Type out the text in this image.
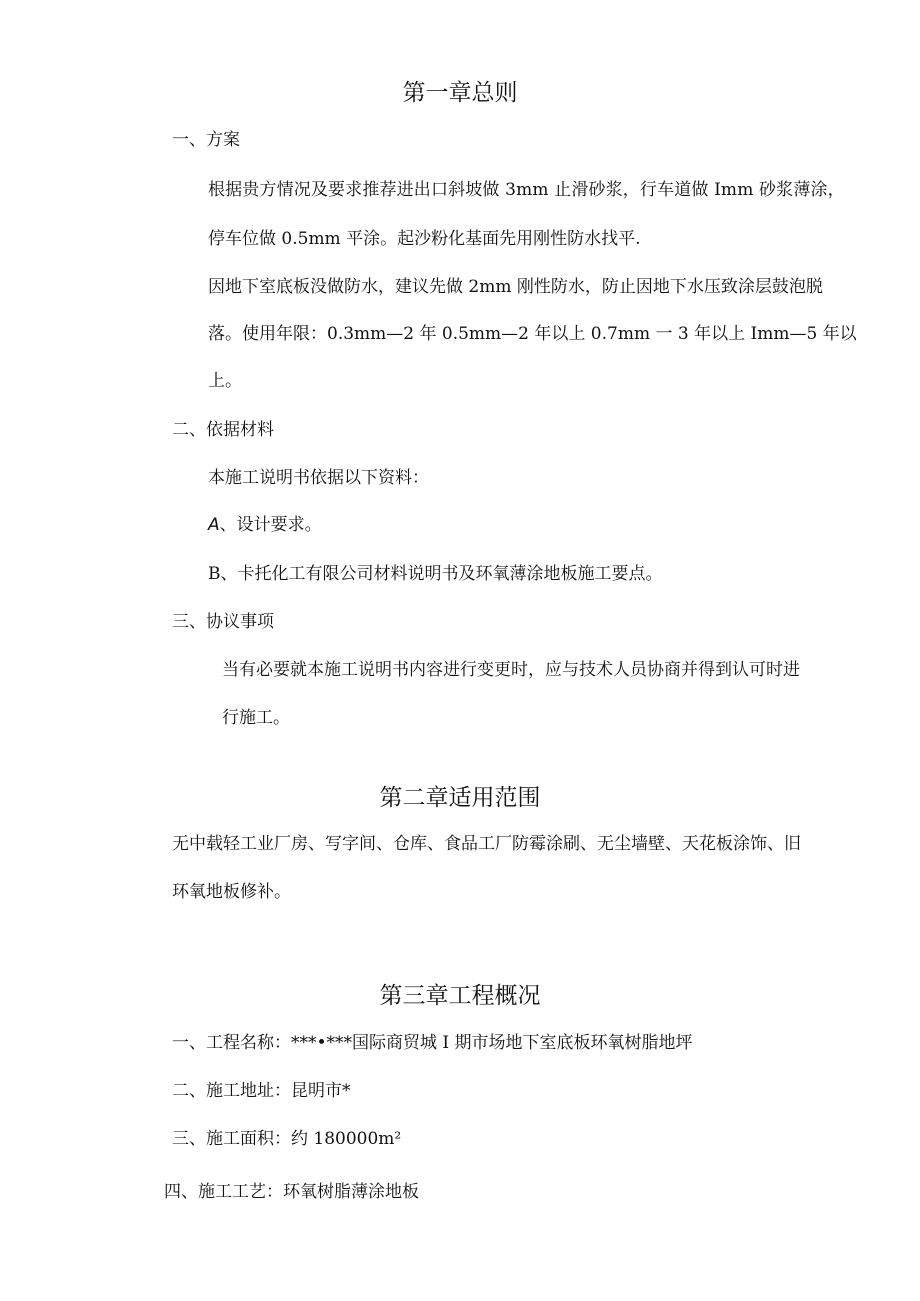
第一章总则
一、方案
根据贵方情况及要求推荐进出口斜坡做 3mm 止滑砂浆，行车道做 Imm 砂浆薄涂，
停车位做 0.5mm 平涂。起沙粉化基面先用刚性防水找平.
因地下室底板没做防水，建议先做 2mm 刚性防水，防止因地下水压致涂层鼓泡脱
落。使用年限：0.3mm—2 年 0.5mm—2 年以上 0.7mm 一 3 年以上 Imm—5 年以
上。
二、依据材料
本施工说明书依据以下资料：
A、设计要求。
B、卡托化工有限公司材料说明书及环氧薄涂地板施工要点。
三、协议事项
当有必要就本施工说明书内容进行变更时，应与技术人员协商并得到认可时进
行施工。
第二章适用范围
无中载轻工业厂房、写字间、仓库、食品工厂防霉涂刷、无尘墙壁、天花板涂饰、旧
环氧地板修补。
第三章工程概况
一、工程名称：***•***国际商贸城 I 期市场地下室底板环氧树脂地坪
二、施工地址：昆明市*
三、施工面积：约 180000m²
四、施工工艺：环氧树脂薄涂地板
